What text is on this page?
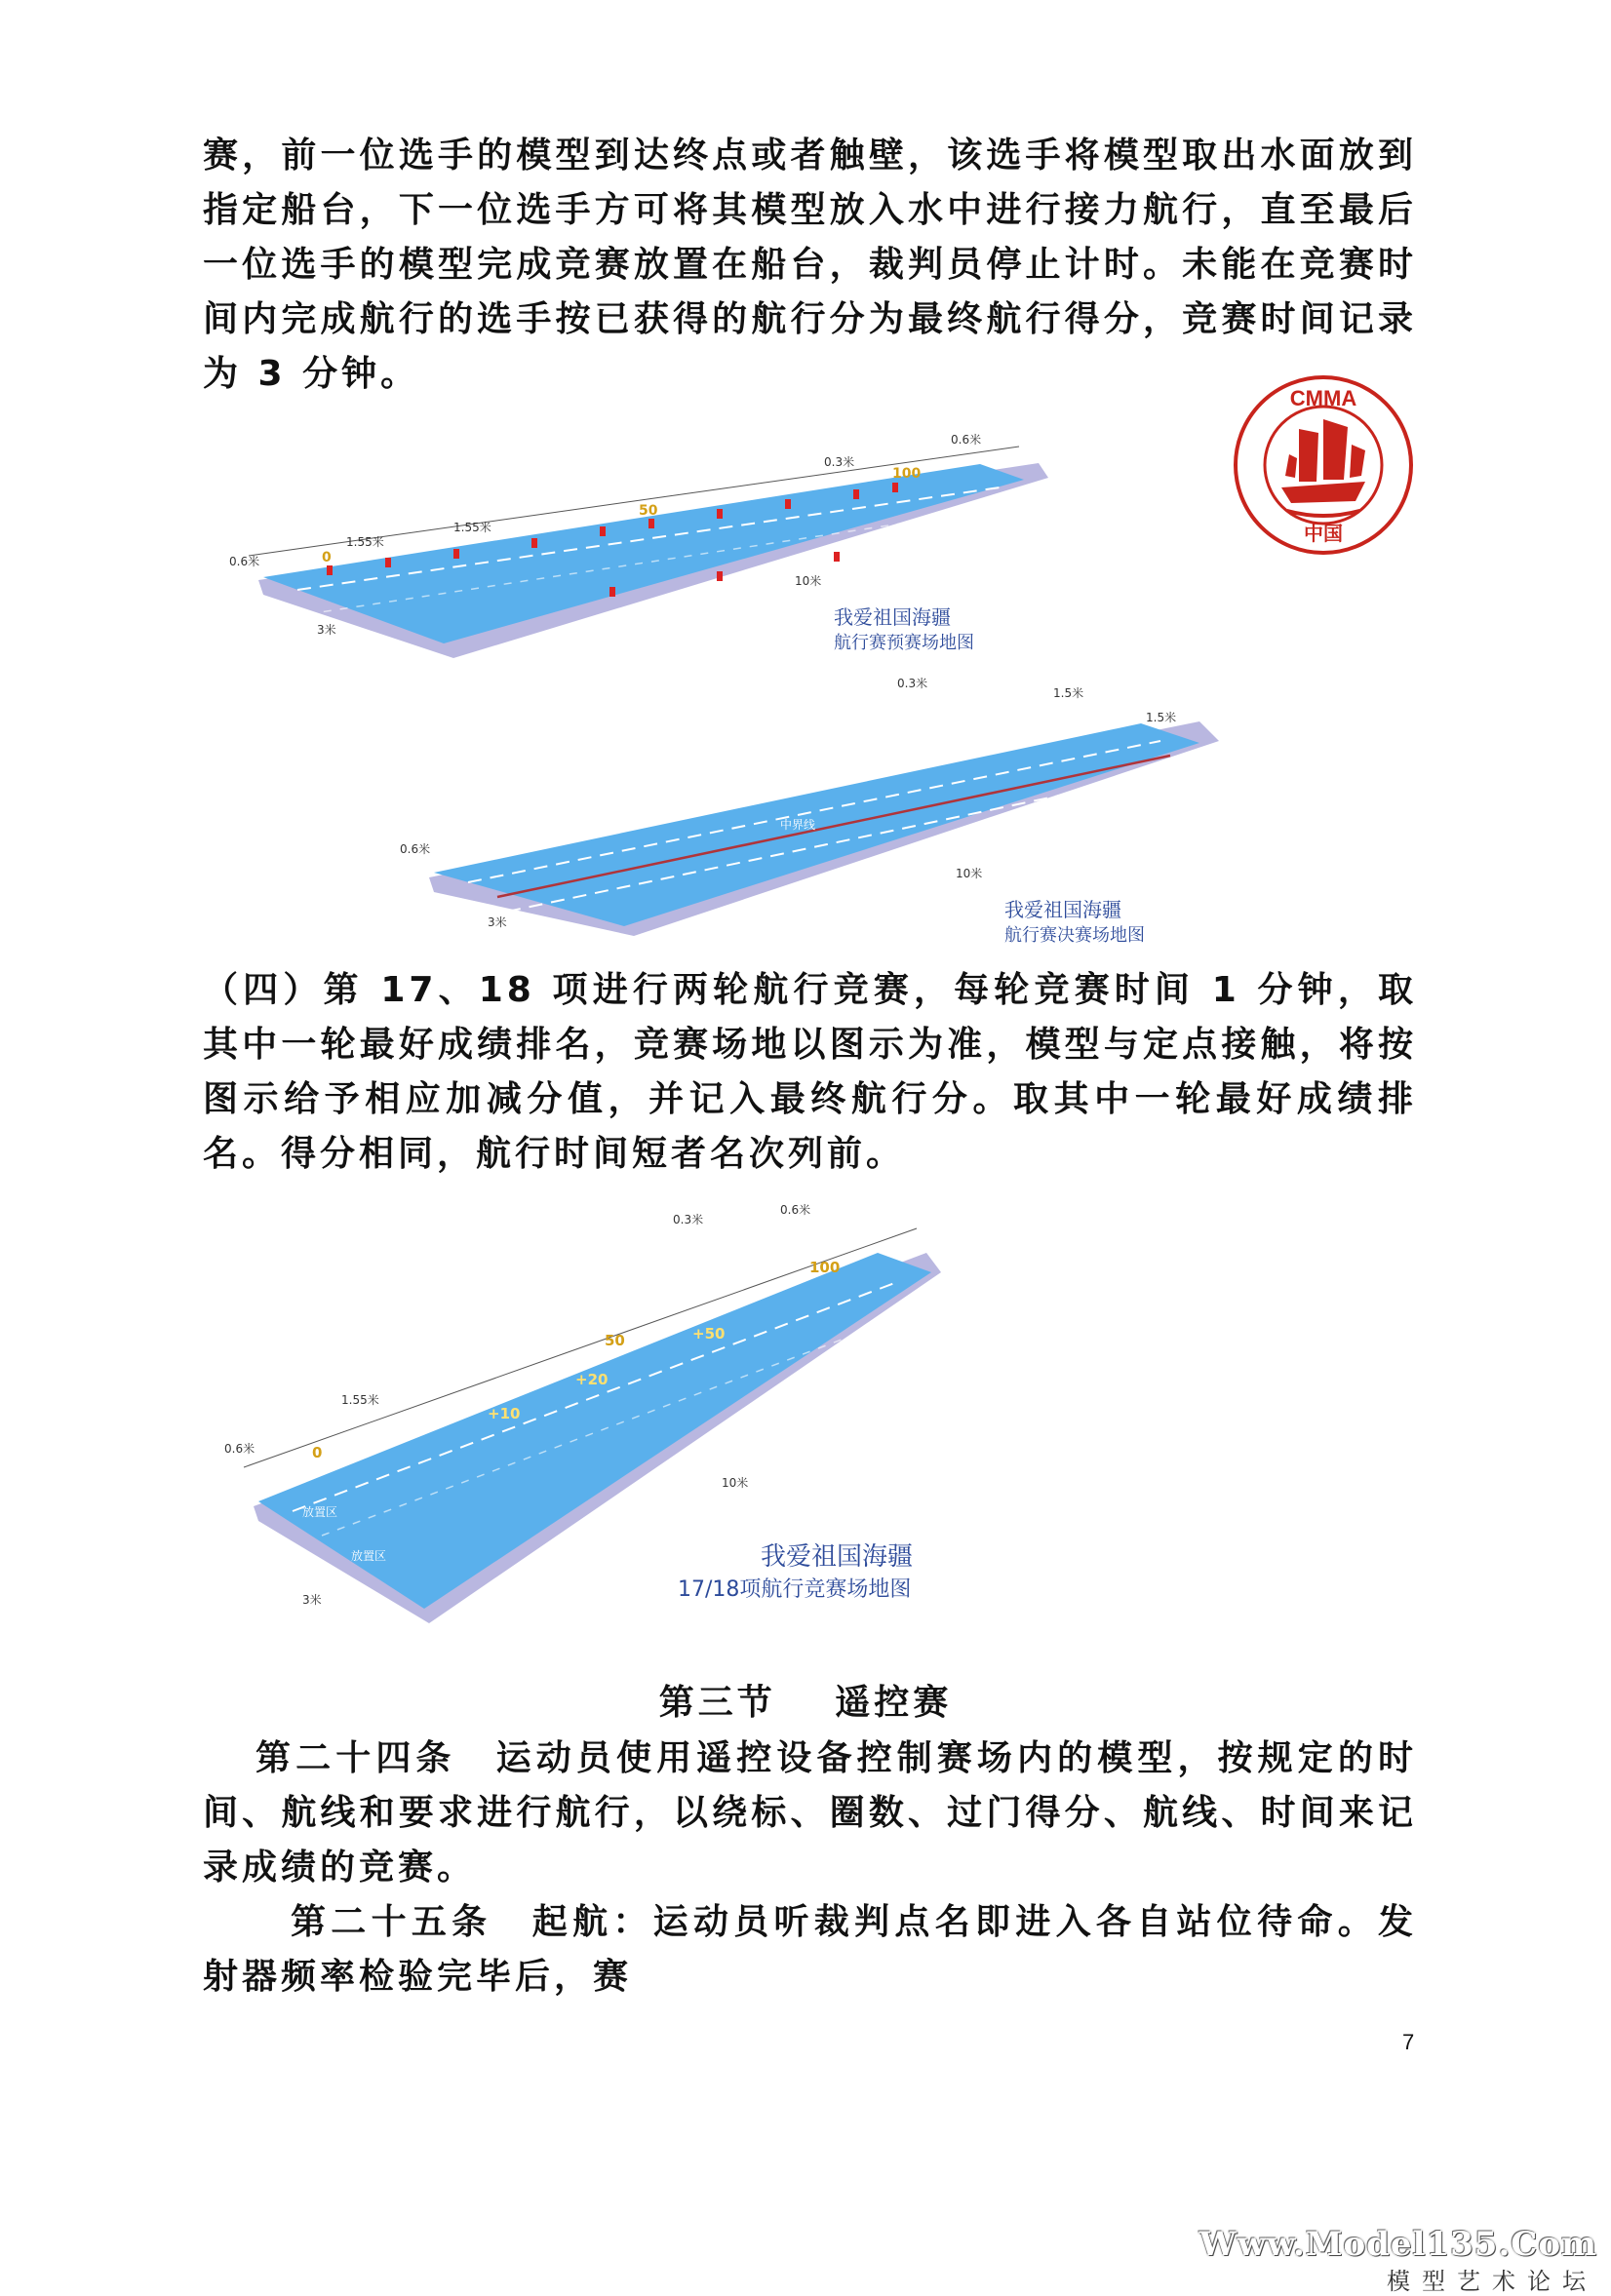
赛，前一位选手的模型到达终点或者触壁，该选手将模型取出水面放到指定船台，下一位选手方可将其模型放入水中进行接力航行，直至最后一位选手的模型完成竞赛放置在船台，裁判员停止计时。未能在竞赛时间内完成航行的选手按已获得的航行分为最终航行得分，竞赛时间记录为 3 分钟。

CMMA
中国
0.6米
1.55米
1.55米
0.3米
0
50
100
0.6米
10米
3米
我爱祖国海疆
航行赛预赛场地图
中界线
0.3米
1.5米
1.5米
0.6米
10米
3米
我爱祖国海疆
航行赛决赛场地图

（四）第 17、18 项进行两轮航行竞赛，每轮竞赛时间 1 分钟，取其中一轮最好成绩排名，竞赛场地以图示为准，模型与定点接触，将按图示给予相应加减分值，并记入最终航行分。取其中一轮最好成绩排名。得分相同，航行时间短者名次列前。

0
50
100
+10
+20
+50
放置区
放置区
0.6米
1.55米
0.3米
0.6米
10米
3米
我爱祖国海疆
17/18项航行竞赛场地图
第三节 遥控赛

第二十四条　运动员使用遥控设备控制赛场内的模型，按规定的时间、航线和要求进行航行，以绕标、圈数、过门得分、航线、时间来记录成绩的竞赛。

第二十五条　起航：运动员听裁判点名即进入各自站位待命。发射器频率检验完毕后，赛

7
Www.Model135.Com
模型艺术论坛
